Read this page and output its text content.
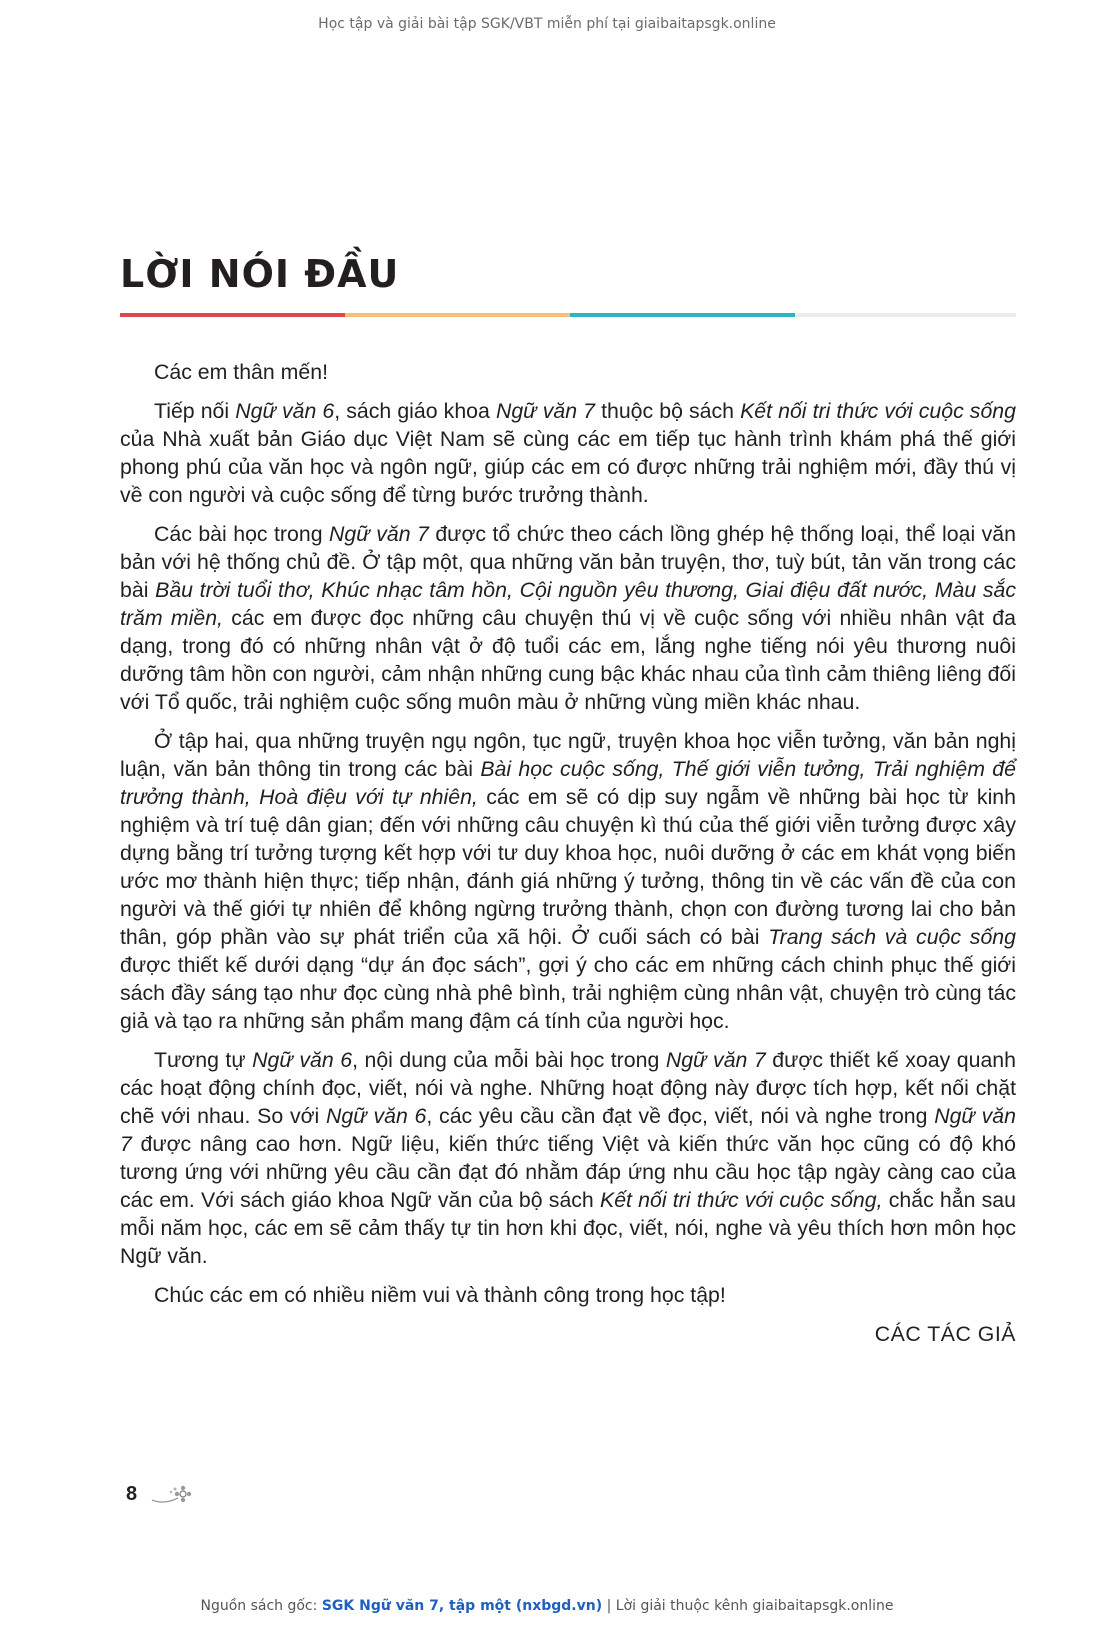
Học tập và giải bài tập SGK/VBT miễn phí tại giaibaitapsgk.online
LỜI NÓI ĐẦU

Các em thân mến!

Tiếp nối Ngữ văn 6, sách giáo khoa Ngữ văn 7 thuộc bộ sách Kết nối tri thức với cuộc sống của Nhà xuất bản Giáo dục Việt Nam sẽ cùng các em tiếp tục hành trình khám phá thế giới phong phú của văn học và ngôn ngữ, giúp các em có được những trải nghiệm mới, đầy thú vị về con người và cuộc sống để từng bước trưởng thành.

Các bài học trong Ngữ văn 7 được tổ chức theo cách lồng ghép hệ thống loại, thể loại văn bản với hệ thống chủ đề. Ở tập một, qua những văn bản truyện, thơ, tuỳ bút, tản văn trong các bài Bầu trời tuổi thơ, Khúc nhạc tâm hồn, Cội nguồn yêu thương, Giai điệu đất nước, Màu sắc trăm miền, các em được đọc những câu chuyện thú vị về cuộc sống với nhiều nhân vật đa dạng, trong đó có những nhân vật ở độ tuổi các em, lắng nghe tiếng nói yêu thương nuôi dưỡng tâm hồn con người, cảm nhận những cung bậc khác nhau của tình cảm thiêng liêng đối với Tổ quốc, trải nghiệm cuộc sống muôn màu ở những vùng miền khác nhau.

Ở tập hai, qua những truyện ngụ ngôn, tục ngữ, truyện khoa học viễn tưởng, văn bản nghị luận, văn bản thông tin trong các bài Bài học cuộc sống, Thế giới viễn tưởng, Trải nghiệm để trưởng thành, Hoà điệu với tự nhiên, các em sẽ có dịp suy ngẫm về những bài học từ kinh nghiệm và trí tuệ dân gian; đến với những câu chuyện kì thú của thế giới viễn tưởng được xây dựng bằng trí tưởng tượng kết hợp với tư duy khoa học, nuôi dưỡng ở các em khát vọng biến ước mơ thành hiện thực; tiếp nhận, đánh giá những ý tưởng, thông tin về các vấn đề của con người và thế giới tự nhiên để không ngừng trưởng thành, chọn con đường tương lai cho bản thân, góp phần vào sự phát triển của xã hội. Ở cuối sách có bài Trang sách và cuộc sống được thiết kế dưới dạng “dự án đọc sách”, gợi ý cho các em những cách chinh phục thế giới sách đầy sáng tạo như đọc cùng nhà phê bình, trải nghiệm cùng nhân vật, chuyện trò cùng tác giả và tạo ra những sản phẩm mang đậm cá tính của người học.

Tương tự Ngữ văn 6, nội dung của mỗi bài học trong Ngữ văn 7 được thiết kế xoay quanh các hoạt động chính đọc, viết, nói và nghe. Những hoạt động này được tích hợp, kết nối chặt chẽ với nhau. So với Ngữ văn 6, các yêu cầu cần đạt về đọc, viết, nói và nghe trong Ngữ văn 7 được nâng cao hơn. Ngữ liệu, kiến thức tiếng Việt và kiến thức văn học cũng có độ khó tương ứng với những yêu cầu cần đạt đó nhằm đáp ứng nhu cầu học tập ngày càng cao của các em. Với sách giáo khoa Ngữ văn của bộ sách Kết nối tri thức với cuộc sống, chắc hẳn sau mỗi năm học, các em sẽ cảm thấy tự tin hơn khi đọc, viết, nói, nghe và yêu thích hơn môn học Ngữ văn.

Chúc các em có nhiều niềm vui và thành công trong học tập!

CÁC TÁC GIẢ

8
Nguồn sách gốc: SGK Ngữ văn 7, tập một (nxbgd.vn) | Lời giải thuộc kênh giaibaitapsgk.online
